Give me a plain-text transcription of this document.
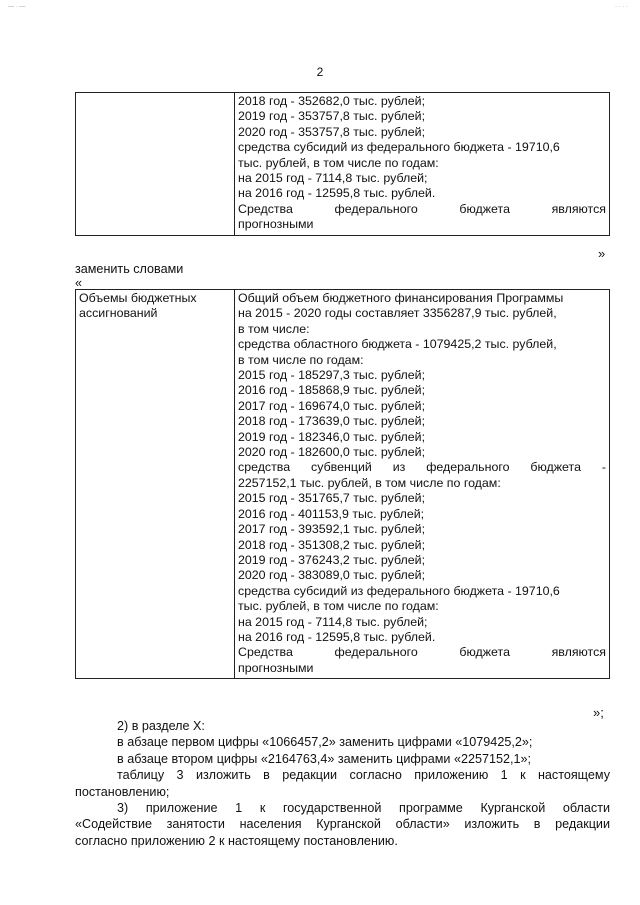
— · —	· · · ·
2

2018 год - 352682,0 тыс. рублей;
2019 год - 353757,8 тыс. рублей;
2020 год - 353757,8 тыс. рублей;
средства субсидий из федерального бюджета - 19710,6
тыс. рублей, в том числе по годам:
на 2015 год - 7114,8 тыс. рублей;
на 2016 год - 12595,8 тыс. рублей.
Средства федерального бюджета являются
прогнозными
»
заменить словами
«
Объемы бюджетных
ассигнований

Общий объем бюджетного финансирования Программы
на 2015 - 2020 годы составляет 3356287,9 тыс. рублей,
в том числе:
средства областного бюджета - 1079425,2 тыс. рублей,
в том числе по годам:
2015 год - 185297,3 тыс. рублей;
2016 год - 185868,9 тыс. рублей;
2017 год - 169674,0 тыс. рублей;
2018 год - 173639,0 тыс. рублей;
2019 год - 182346,0 тыс. рублей;
2020 год - 182600,0 тыс. рублей;
средства субвенций из федерального бюджета -
2257152,1 тыс. рублей, в том числе по годам:
2015 год - 351765,7 тыс. рублей;
2016 год - 401153,9 тыс. рублей;
2017 год - 393592,1 тыс. рублей;
2018 год - 351308,2 тыс. рублей;
2019 год - 376243,2 тыс. рублей;
2020 год - 383089,0 тыс. рублей;
средства субсидий из федерального бюджета - 19710,6
тыс. рублей, в том числе по годам:
на 2015 год - 7114,8 тыс. рублей;
на 2016 год - 12595,8 тыс. рублей.
Средства федерального бюджета являются
прогнозными
»;

2) в разделе X:

в абзаце первом цифры «1066457,2» заменить цифрами «1079425,2»;

в абзаце втором цифры «2164763,4» заменить цифрами «2257152,1»;

таблицу 3 изложить в редакции согласно приложению 1 к настоящему

постановлению;

3) приложение 1 к государственной программе Курганской области

«Содействие занятости населения Курганской области» изложить в редакции

согласно приложению 2 к настоящему постановлению.
